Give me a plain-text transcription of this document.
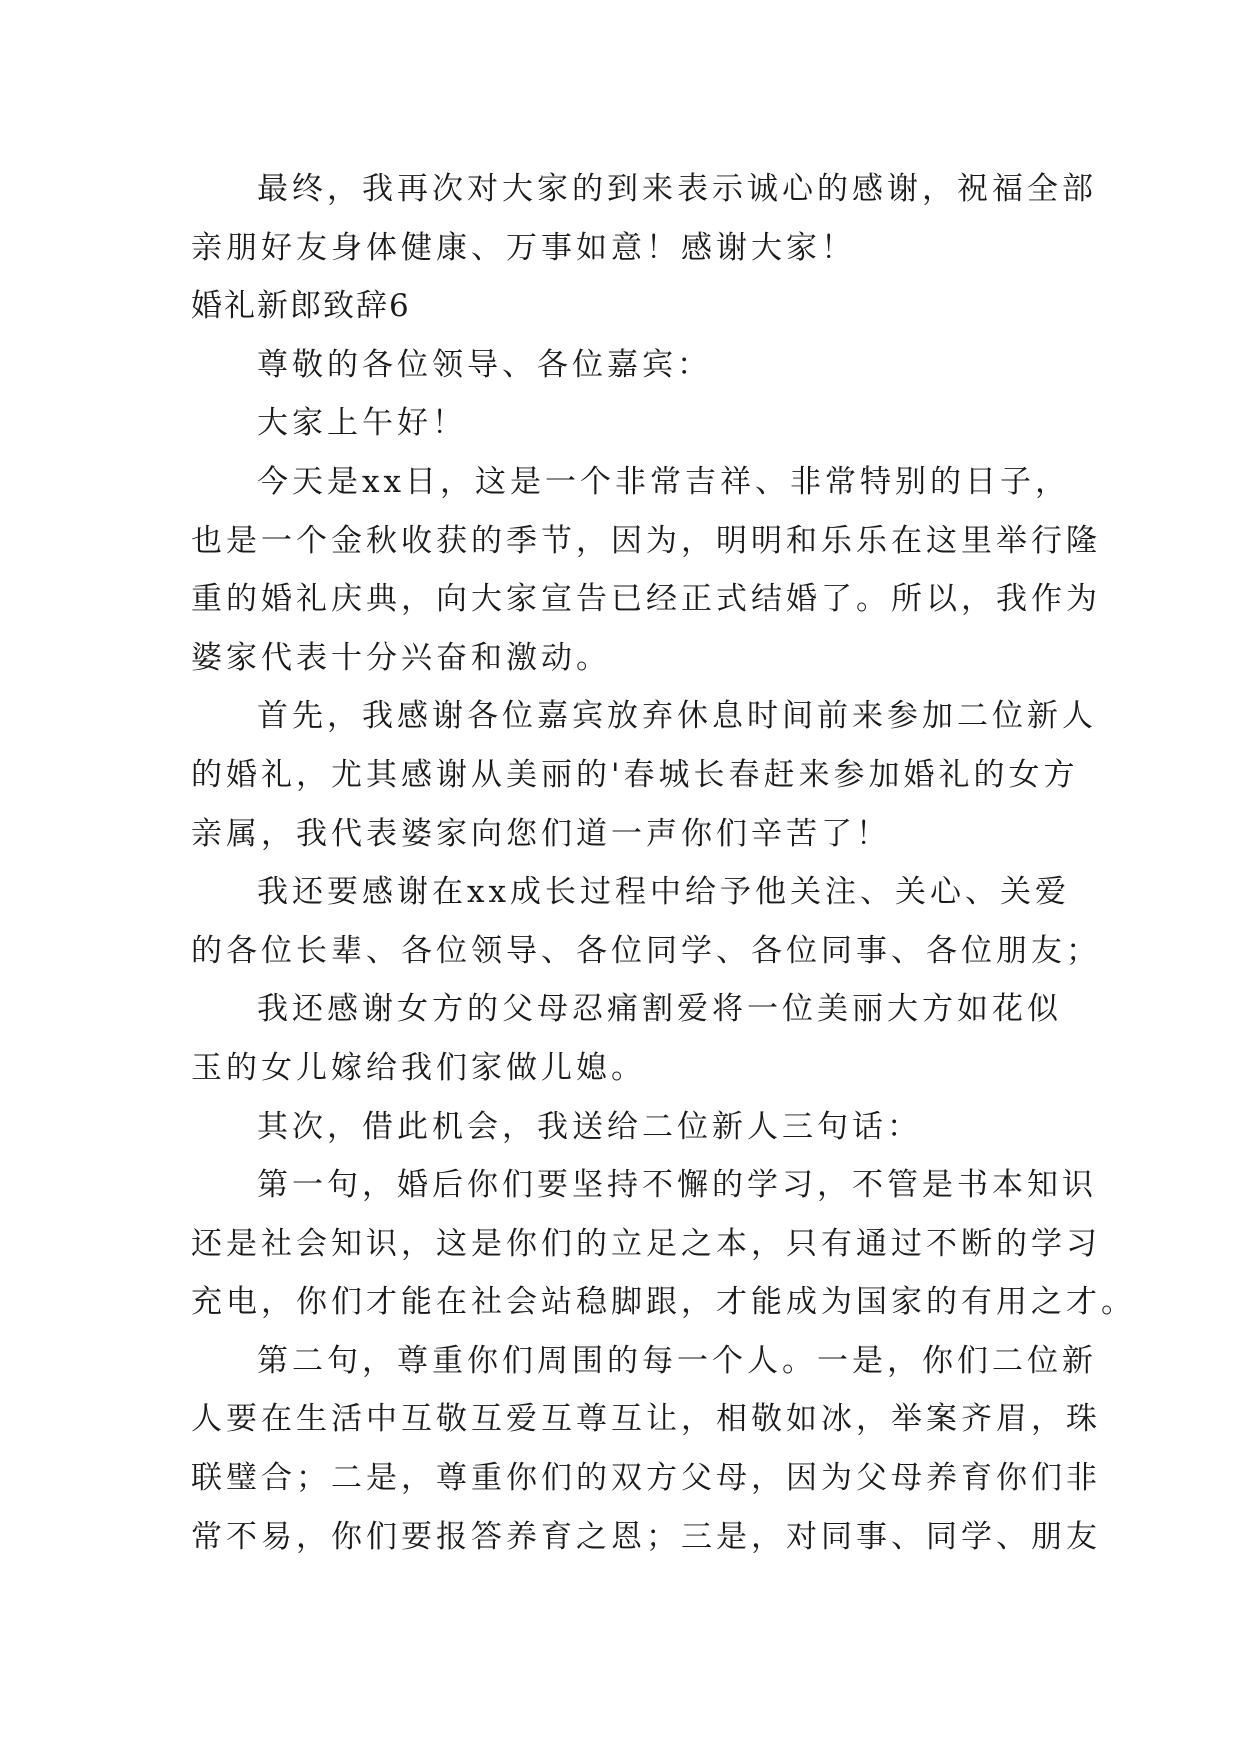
最终，我再次对大家的到来表示诚心的感谢，祝福全部
亲朋好友身体健康、万事如意！感谢大家！
婚礼新郎致辞6
尊敬的各位领导、各位嘉宾：
大家上午好！
今天是xx日，这是一个非常吉祥、非常特别的日子，
也是一个金秋收获的季节，因为，明明和乐乐在这里举行隆
重的婚礼庆典，向大家宣告已经正式结婚了。所以，我作为
婆家代表十分兴奋和激动。
首先，我感谢各位嘉宾放弃休息时间前来参加二位新人
的婚礼，尤其感谢从美丽的'春城长春赶来参加婚礼的女方
亲属，我代表婆家向您们道一声你们辛苦了！
我还要感谢在xx成长过程中给予他关注、关心、关爱
的各位长辈、各位领导、各位同学、各位同事、各位朋友；
我还感谢女方的父母忍痛割爱将一位美丽大方如花似
玉的女儿嫁给我们家做儿媳。
其次，借此机会，我送给二位新人三句话：
第一句，婚后你们要坚持不懈的学习，不管是书本知识
还是社会知识，这是你们的立足之本，只有通过不断的学习
充电，你们才能在社会站稳脚跟，才能成为国家的有用之才。
第二句，尊重你们周围的每一个人。一是，你们二位新
人要在生活中互敬互爱互尊互让，相敬如冰，举案齐眉，珠
联璧合；二是，尊重你们的双方父母，因为父母养育你们非
常不易，你们要报答养育之恩；三是，对同事、同学、朋友
